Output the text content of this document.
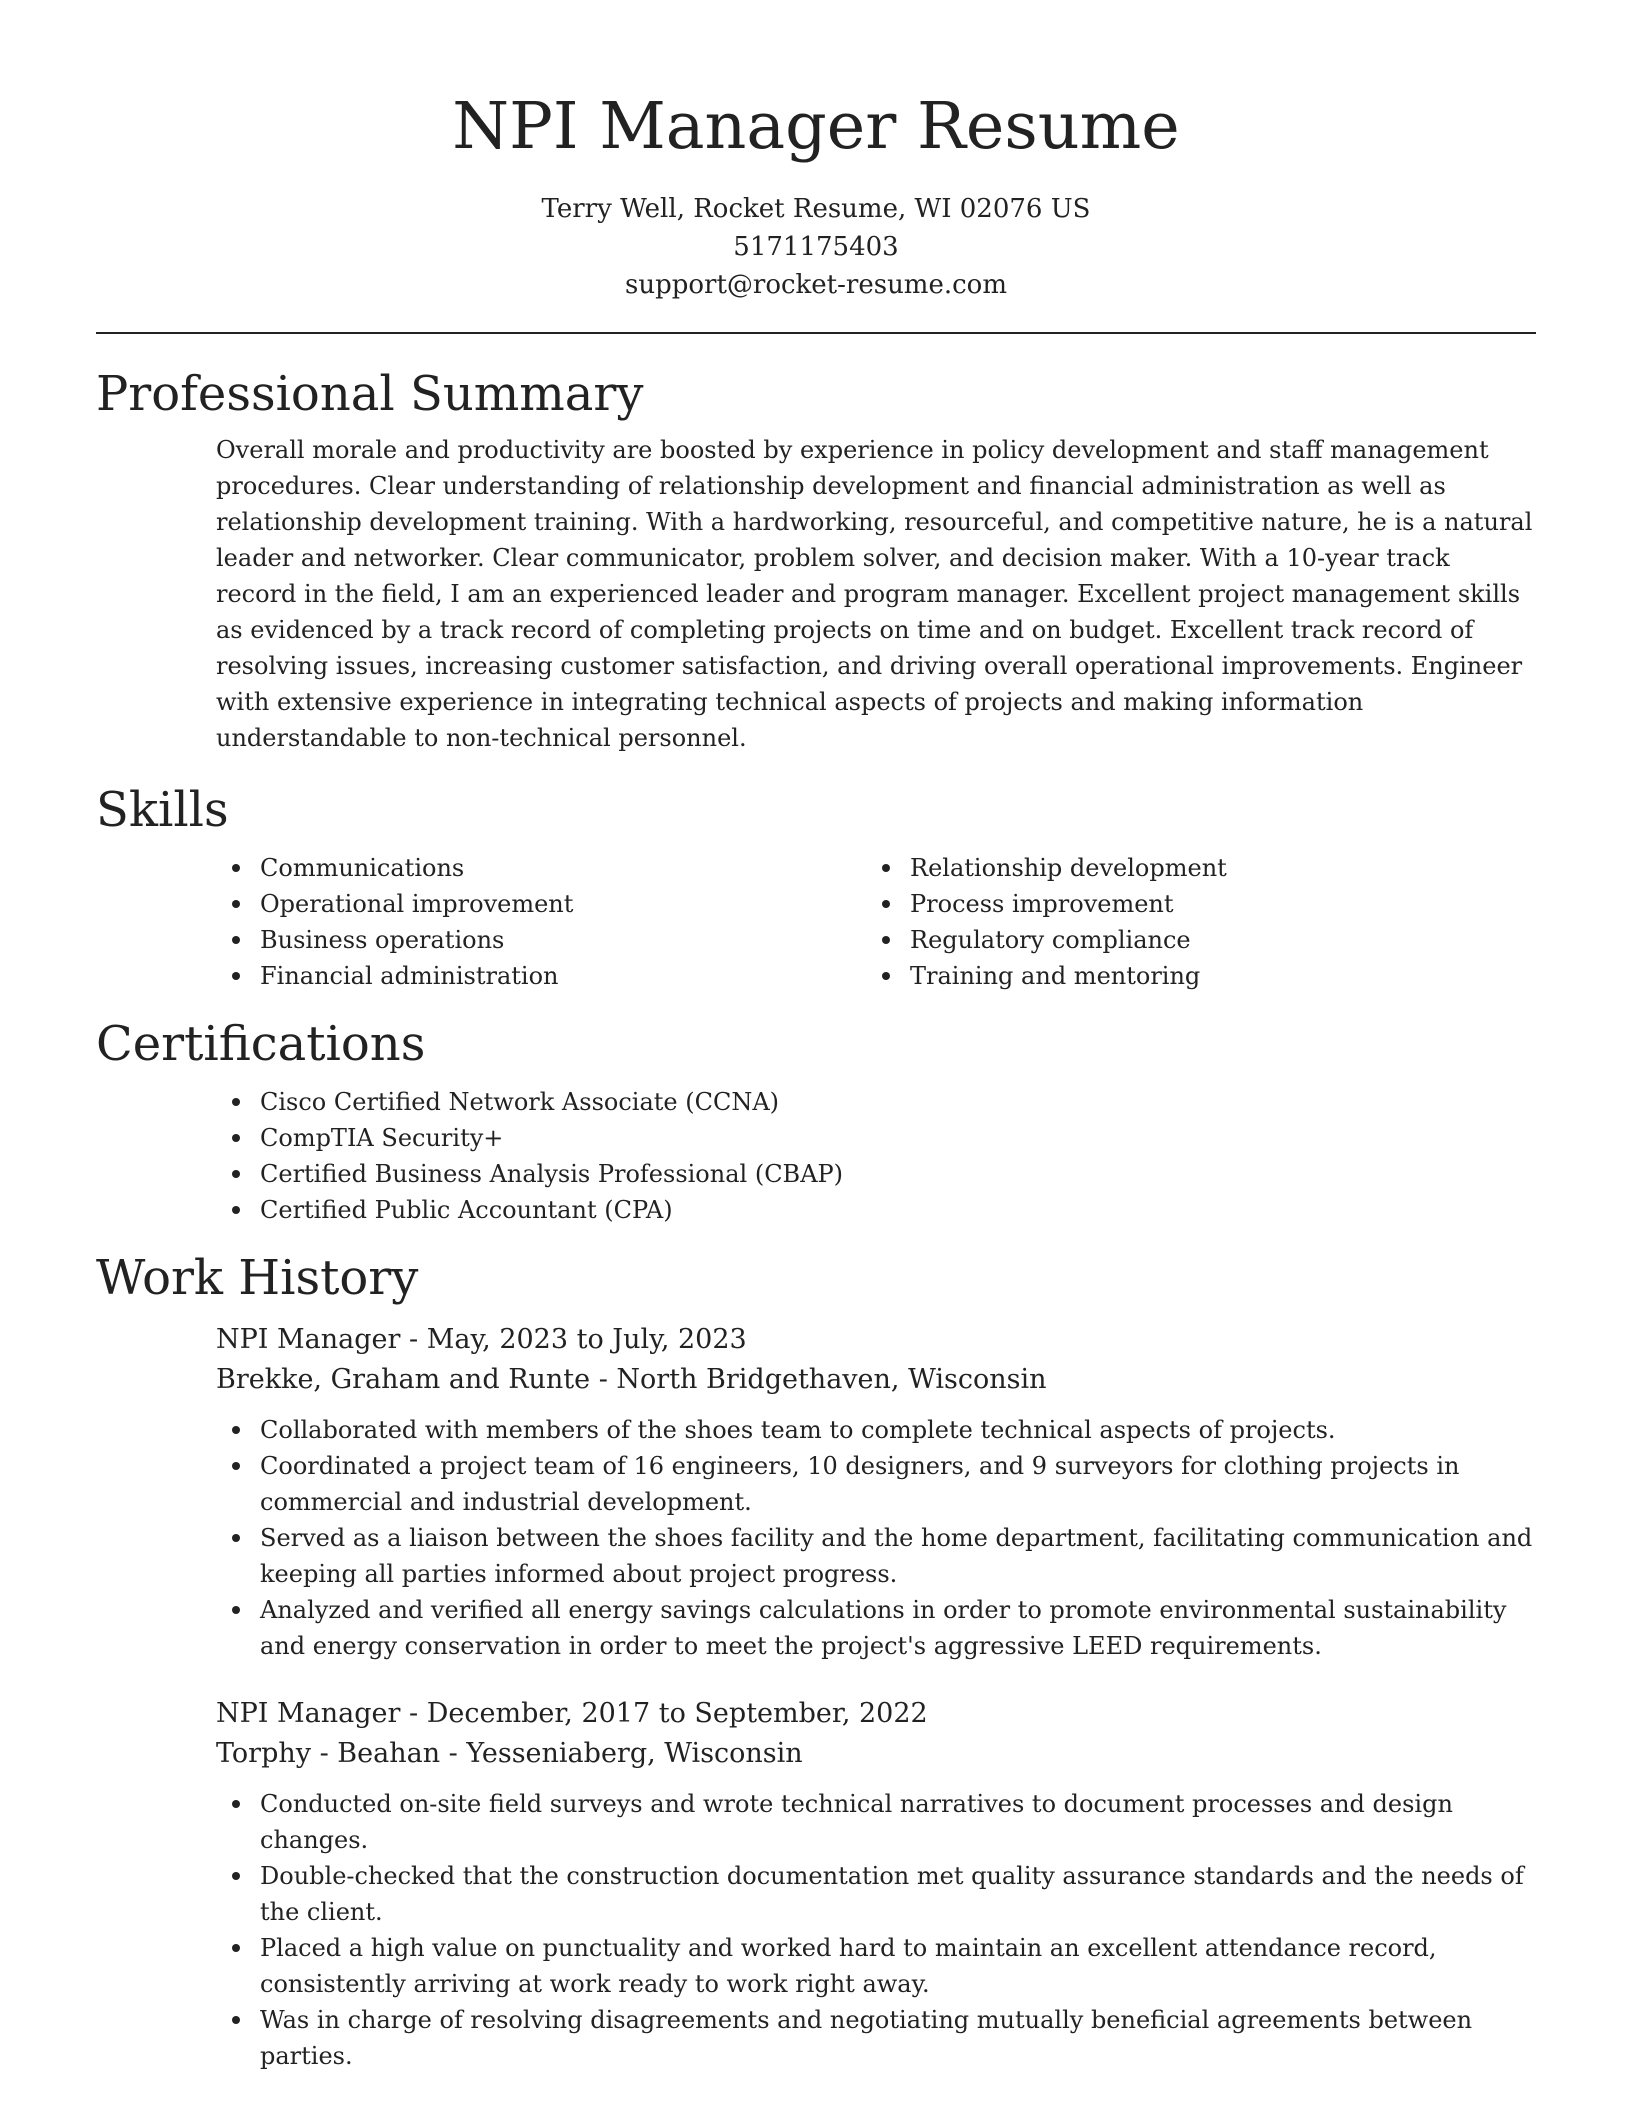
NPI Manager Resume
Terry Well, Rocket Resume, WI 02076 US
5171175403
support@rocket-resume.com
Professional Summary

Overall morale and productivity are boosted by experience in policy development and staff management procedures. Clear understanding of relationship development and financial administration as well as relationship development training. With a hardworking, resourceful, and competitive nature, he is a natural leader and networker. Clear communicator, problem solver, and decision maker. With a 10-year track record in the field, I am an experienced leader and program manager. Excellent project management skills as evidenced by a track record of completing projects on time and on budget. Excellent track record of resolving issues, increasing customer satisfaction, and driving overall operational improvements. Engineer with extensive experience in integrating technical aspects of projects and making information understandable to non-technical personnel.

Skills
Communications
Operational improvement
Business operations
Financial administration
Relationship development
Process improvement
Regulatory compliance
Training and mentoring
Certifications
Cisco Certified Network Associate (CCNA)
CompTIA Security+
Certified Business Analysis Professional (CBAP)
Certified Public Accountant (CPA)
Work History
NPI Manager - May, 2023 to July, 2023
Brekke, Graham and Runte - North Bridgethaven, Wisconsin
Collaborated with members of the shoes team to complete technical aspects of projects.
Coordinated a project team of 16 engineers, 10 designers, and 9 surveyors for clothing projects in commercial and industrial development.
Served as a liaison between the shoes facility and the home department, facilitating communication and keeping all parties informed about project progress.
Analyzed and verified all energy savings calculations in order to promote environmental sustainability and energy conservation in order to meet the project's aggressive LEED requirements.
NPI Manager - December, 2017 to September, 2022
Torphy - Beahan - Yesseniaberg, Wisconsin
Conducted on-site field surveys and wrote technical narratives to document processes and design changes.
Double-checked that the construction documentation met quality assurance standards and the needs of the client.
Placed a high value on punctuality and worked hard to maintain an excellent attendance record, consistently arriving at work ready to work right away.
Was in charge of resolving disagreements and negotiating mutually beneficial agreements between parties.
